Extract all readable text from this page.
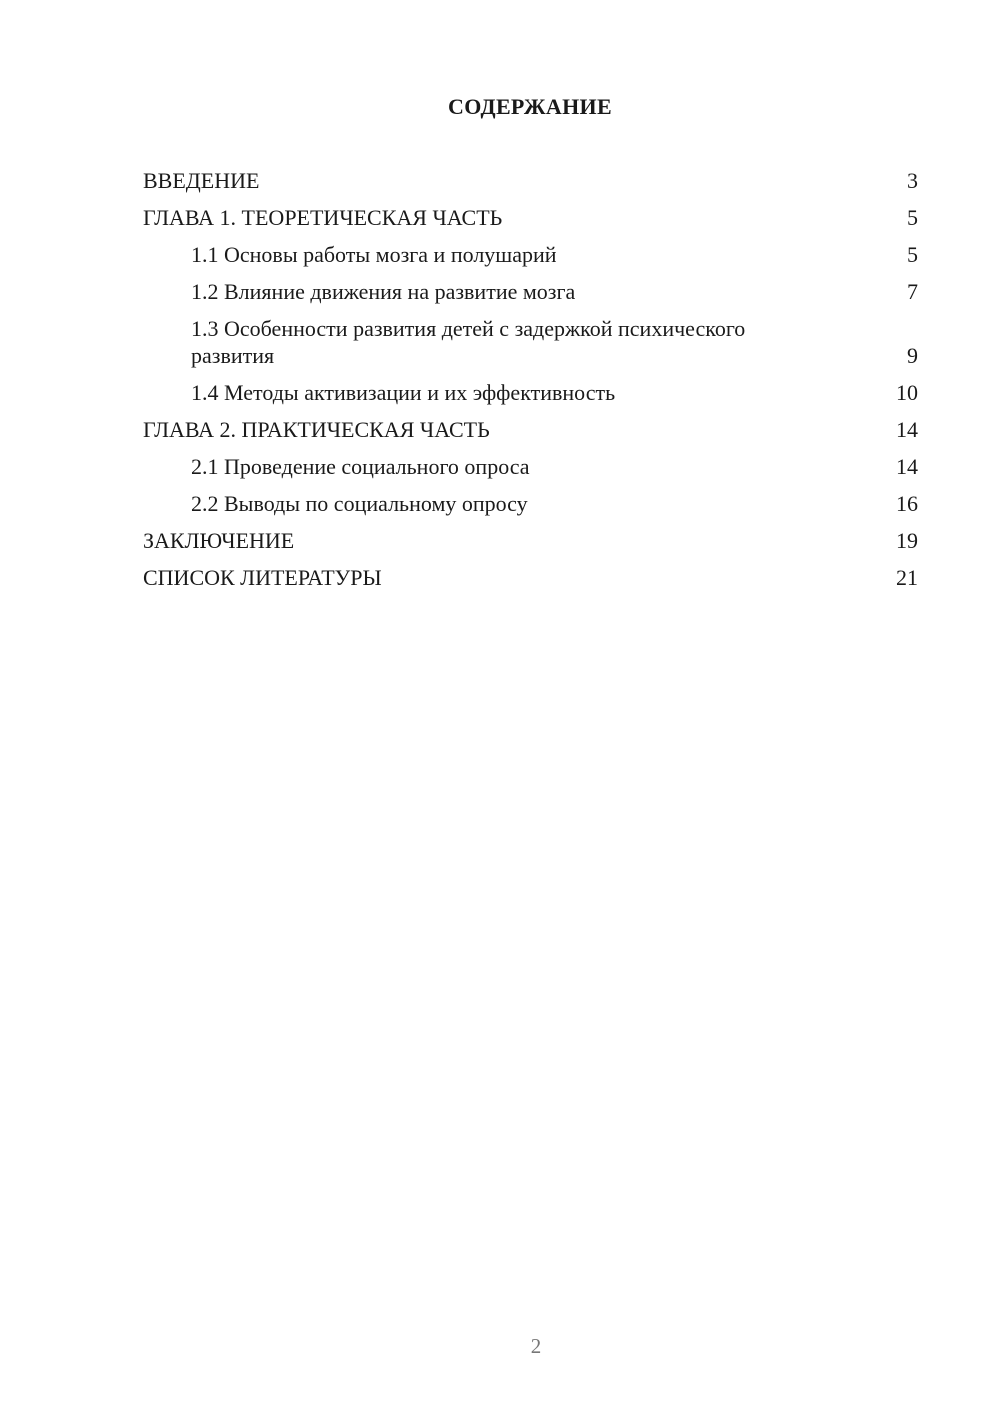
СОДЕРЖАНИЕ
ВВЕДЕНИЕ	3
ГЛАВА 1. ТЕОРЕТИЧЕСКАЯ ЧАСТЬ	5
1.1 Основы работы мозга и полушарий	5
1.2 Влияние движения на развитие мозга	7
1.3 Особенности развития детей с задержкой психического развития	9
1.4 Методы активизации и их эффективность	10
ГЛАВА 2. ПРАКТИЧЕСКАЯ ЧАСТЬ	14
2.1 Проведение социального опроса	14
2.2 Выводы по социальному опросу	16
ЗАКЛЮЧЕНИЕ	19
СПИСОК ЛИТЕРАТУРЫ	21
2
